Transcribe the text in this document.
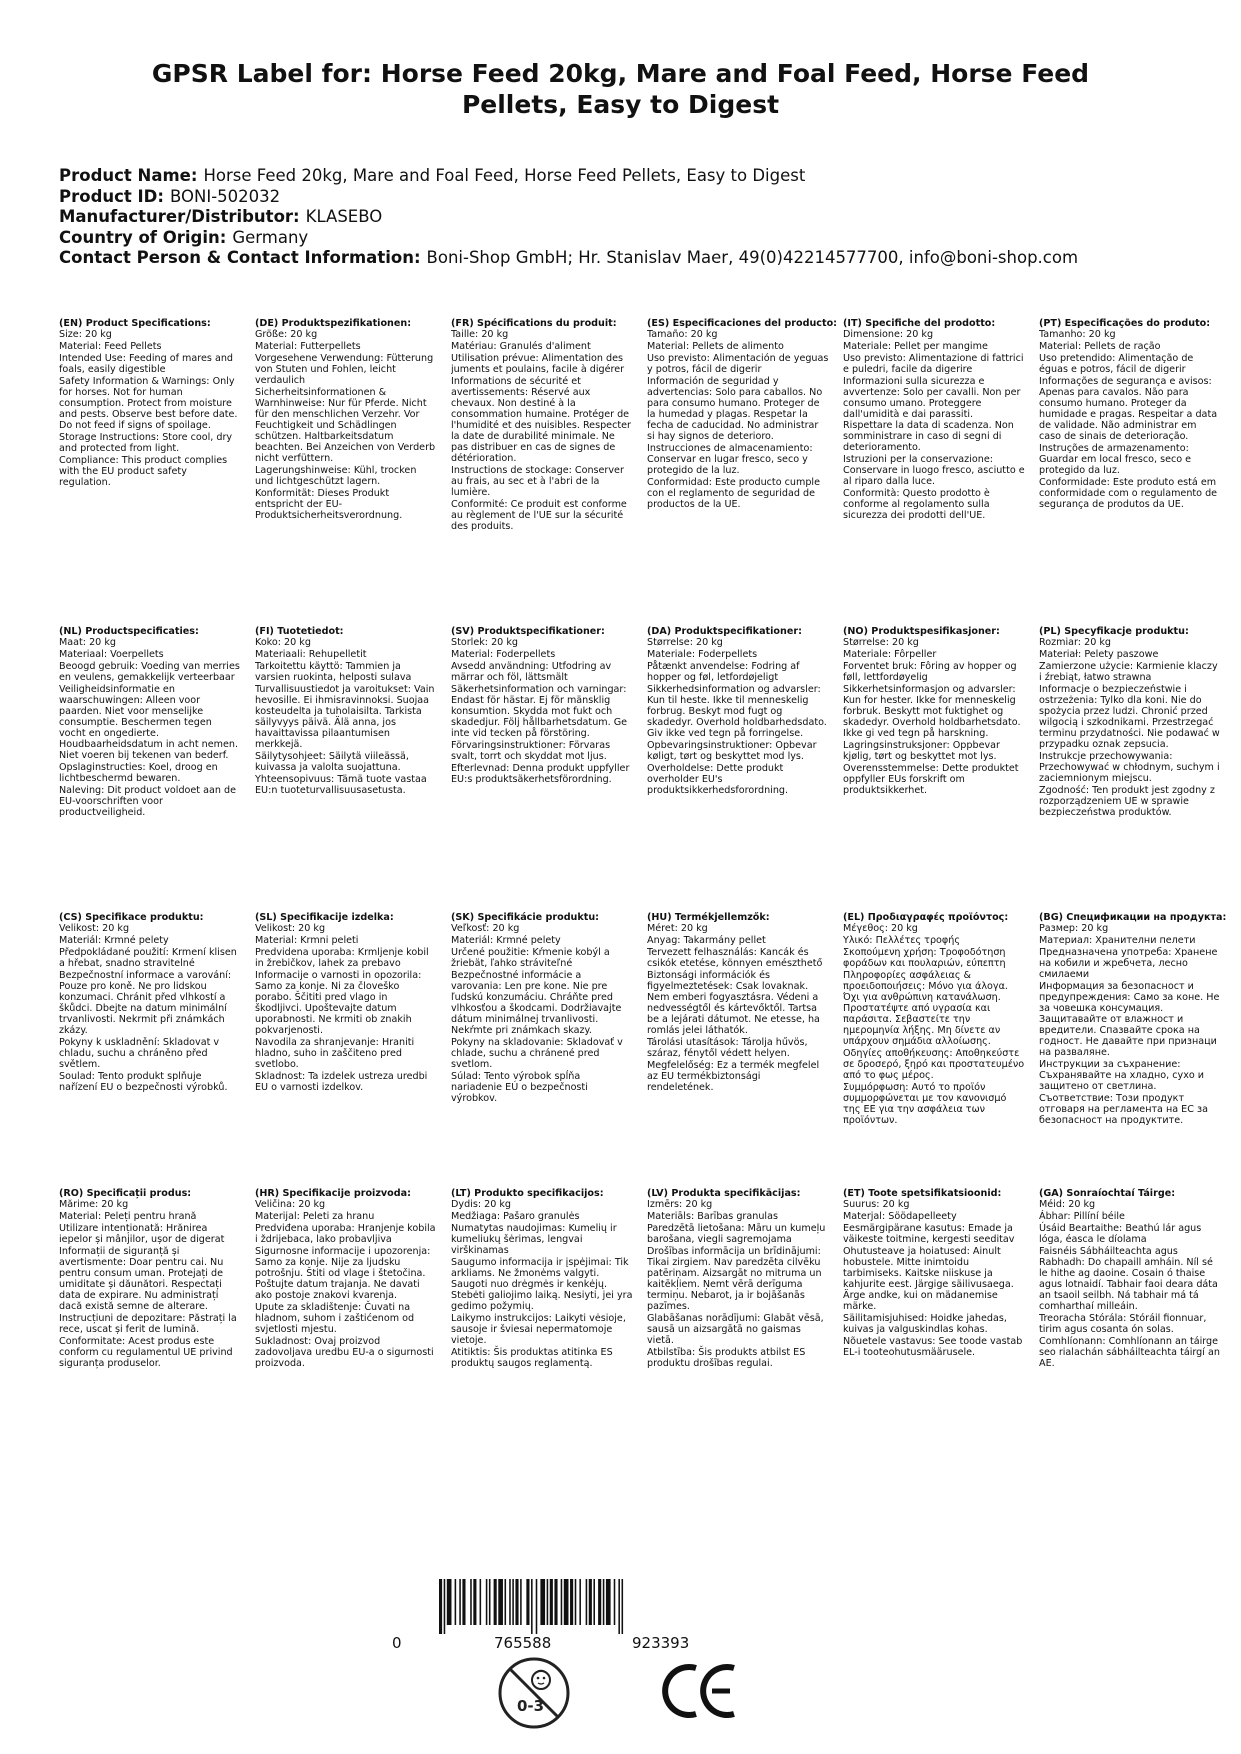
GPSR Label for: Horse Feed 20kg, Mare and Foal Feed, Horse Feed Pellets, Easy to Digest
Product Name: Horse Feed 20kg, Mare and Foal Feed, Horse Feed Pellets, Easy to Digest
Product ID: BONI-502032
Manufacturer/Distributor: KLASEBO
Country of Origin: Germany
Contact Person & Contact Information: Boni-Shop GmbH; Hr. Stanislav Maer, 49(0)42214577700, info@boni-shop.com
(EN) Product Specifications:
Size: 20 kg
Material: Feed Pellets
Intended Use: Feeding of mares and foals, easily digestible
Safety Information & Warnings: Only for horses. Not for human consumption. Protect from moisture and pests. Observe best before date. Do not feed if signs of spoilage.
Storage Instructions: Store cool, dry and protected from light.
Compliance: This product complies with the EU product safety regulation.
(DE) Produktspezifikationen:
Größe: 20 kg
Material: Futterpellets
Vorgesehene Verwendung: Fütterung von Stuten und Fohlen, leicht verdaulich
Sicherheitsinformationen & Warnhinweise: Nur für Pferde. Nicht für den menschlichen Verzehr. Vor Feuchtigkeit und Schädlingen schützen. Haltbarkeitsdatum beachten. Bei Anzeichen von Verderb nicht verfüttern.
Lagerungshinweise: Kühl, trocken und lichtgeschützt lagern.
Konformität: Dieses Produkt entspricht der EU-Produktsicherheitsverordnung.
(FR) Spécifications du produit:
Taille: 20 kg
Matériau: Granulés d'aliment
Utilisation prévue: Alimentation des juments et poulains, facile à digérer
Informations de sécurité et avertissements: Réservé aux chevaux. Non destiné à la consommation humaine. Protéger de l'humidité et des nuisibles. Respecter la date de durabilité minimale. Ne pas distribuer en cas de signes de détérioration.
Instructions de stockage: Conserver au frais, au sec et à l'abri de la lumière.
Conformité: Ce produit est conforme au règlement de l'UE sur la sécurité des produits.
(ES) Especificaciones del producto:
Tamaño: 20 kg
Material: Pellets de alimento
Uso previsto: Alimentación de yeguas y potros, fácil de digerir
Información de seguridad y advertencias: Solo para caballos. No para consumo humano. Proteger de la humedad y plagas. Respetar la fecha de caducidad. No administrar si hay signos de deterioro.
Instrucciones de almacenamiento: Conservar en lugar fresco, seco y protegido de la luz.
Conformidad: Este producto cumple con el reglamento de seguridad de productos de la UE.
(IT) Specifiche del prodotto:
Dimensione: 20 kg
Materiale: Pellet per mangime
Uso previsto: Alimentazione di fattrici e puledri, facile da digerire
Informazioni sulla sicurezza e avvertenze: Solo per cavalli. Non per consumo umano. Proteggere dall'umidità e dai parassiti. Rispettare la data di scadenza. Non somministrare in caso di segni di deterioramento.
Istruzioni per la conservazione: Conservare in luogo fresco, asciutto e al riparo dalla luce.
Conformità: Questo prodotto è conforme al regolamento sulla sicurezza dei prodotti dell'UE.
(PT) Especificações do produto:
Tamanho: 20 kg
Material: Pellets de ração
Uso pretendido: Alimentação de éguas e potros, fácil de digerir
Informações de segurança e avisos: Apenas para cavalos. Não para consumo humano. Proteger da humidade e pragas. Respeitar a data de validade. Não administrar em caso de sinais de deterioração.
Instruções de armazenamento: Guardar em local fresco, seco e protegido da luz.
Conformidade: Este produto está em conformidade com o regulamento de segurança de produtos da UE.
(NL) Productspecificaties:
Maat: 20 kg
Materiaal: Voerpellets
Beoogd gebruik: Voeding van merries en veulens, gemakkelijk verteerbaar
Veiligheidsinformatie en waarschuwingen: Alleen voor paarden. Niet voor menselijke consumptie. Beschermen tegen vocht en ongedierte. Houdbaarheidsdatum in acht nemen. Niet voeren bij tekenen van bederf.
Opslaginstructies: Koel, droog en lichtbeschermd bewaren.
Naleving: Dit product voldoet aan de EU-voorschriften voor productveiligheid.
(FI) Tuotetiedot:
Koko: 20 kg
Materiaali: Rehupelletit
Tarkoitettu käyttö: Tammien ja varsien ruokinta, helposti sulava
Turvallisuustiedot ja varoitukset: Vain hevosille. Ei ihmisravinnoksi. Suojaa kosteudelta ja tuholaisilta. Tarkista säilyvyys päivä. Älä anna, jos havaittavissa pilaantumisen merkkejä.
Säilytysohjeet: Säilytä viileässä, kuivassa ja valolta suojattuna.
Yhteensopivuus: Tämä tuote vastaa EU:n tuoteturvallisuusasetusta.
(SV) Produktspecifikationer:
Storlek: 20 kg
Material: Foderpellets
Avsedd användning: Utfodring av märrar och föl, lättsmält
Säkerhetsinformation och varningar: Endast för hästar. Ej för mänsklig konsumtion. Skydda mot fukt och skadedjur. Följ hållbarhetsdatum. Ge inte vid tecken på förstöring.
Förvaringsinstruktioner: Förvaras svalt, torrt och skyddat mot ljus.
Efterlevnad: Denna produkt uppfyller EU:s produktsäkerhetsförordning.
(DA) Produktspecifikationer:
Størrelse: 20 kg
Materiale: Foderpellets
Påtænkt anvendelse: Fodring af hopper og føl, letfordøjeligt
Sikkerhedsinformation og advarsler: Kun til heste. Ikke til menneskelig forbrug. Beskyt mod fugt og skadedyr. Overhold holdbarhedsdato. Giv ikke ved tegn på forringelse.
Opbevaringsinstruktioner: Opbevar køligt, tørt og beskyttet mod lys.
Overholdelse: Dette produkt overholder EU's produktsikkerhedsforordning.
(NO) Produktspesifikasjoner:
Størrelse: 20 kg
Materiale: Fôrpeller
Forventet bruk: Fôring av hopper og føll, lettfordøyelig
Sikkerhetsinformasjon og advarsler: Kun for hester. Ikke for menneskelig forbruk. Beskytt mot fuktighet og skadedyr. Overhold holdbarhetsdato. Ikke gi ved tegn på harskning.
Lagringsinstruksjoner: Oppbevar kjølig, tørt og beskyttet mot lys.
Overensstemmelse: Dette produktet oppfyller EUs forskrift om produktsikkerhet.
(PL) Specyfikacje produktu:
Rozmiar: 20 kg
Materiał: Pelety paszowe
Zamierzone użycie: Karmienie klaczy i źrebiąt, łatwo strawna
Informacje o bezpieczeństwie i ostrzeżenia: Tylko dla koni. Nie do spożycia przez ludzi. Chronić przed wilgocią i szkodnikami. Przestrzegać terminu przydatności. Nie podawać w przypadku oznak zepsucia.
Instrukcje przechowywania: Przechowywać w chłodnym, suchym i zaciemnionym miejscu.
Zgodność: Ten produkt jest zgodny z rozporządzeniem UE w sprawie bezpieczeństwa produktów.
(CS) Specifikace produktu:
Velikost: 20 kg
Materiál: Krmné pelety
Předpokládané použití: Krmení klisen a hřebat, snadno stravitelné
Bezpečnostní informace a varování: Pouze pro koně. Ne pro lidskou konzumaci. Chránit před vlhkostí a škůdci. Dbejte na datum minimální trvanlivosti. Nekrmit při známkách zkázy.
Pokyny k uskladnění: Skladovat v chladu, suchu a chráněno před světlem.
Soulad: Tento produkt splňuje nařízení EU o bezpečnosti výrobků.
(SL) Specifikacije izdelka:
Velikost: 20 kg
Material: Krmni peleti
Predvidena uporaba: Krmljenje kobil in žrebičkov, lahek za prebavo
Informacije o varnosti in opozorila: Samo za konje. Ni za človeško porabo. Ščititi pred vlago in škodljivci. Upoštevajte datum uporabnosti. Ne krmiti ob znakih pokvarjenosti.
Navodila za shranjevanje: Hraniti hladno, suho in zaščiteno pred svetlobo.
Skladnost: Ta izdelek ustreza uredbi EU o varnosti izdelkov.
(SK) Špecifikácie produktu:
Veľkosť: 20 kg
Materiál: Krmné pelety
Určené použitie: Kŕmenie kobýl a žriebät, ľahko stráviteľné
Bezpečnostné informácie a varovania: Len pre kone. Nie pre ľudskú konzumáciu. Chráňte pred vlhkosťou a škodcami. Dodržiavajte dátum minimálnej trvanlivosti. Nekŕmte pri známkach skazy.
Pokyny na skladovanie: Skladovať v chlade, suchu a chránené pred svetlom.
Súlad: Tento výrobok spĺňa nariadenie EÚ o bezpečnosti výrobkov.
(HU) Termékjellemzők:
Méret: 20 kg
Anyag: Takarmány pellet
Tervezett felhasználás: Kancák és csikók etetése, könnyen emészthető
Biztonsági információk és figyelmeztetések: Csak lovaknak. Nem emberi fogyasztásra. Védeni a nedvességtől és kártevőktől. Tartsa be a lejárati dátumot. Ne etesse, ha romlás jelei láthatók.
Tárolási utasítások: Tárolja hűvös, száraz, fénytől védett helyen.
Megfelelőség: Ez a termék megfelel az EU termékbiztonsági rendeletének.
(EL) Προδιαγραφές προϊόντος:
Μέγεθος: 20 kg
Υλικό: Πελλέτες τροφής
Σκοπούμενη χρήση: Τροφοδότηση φοράδων και πουλαριών, εύπεπτη
Πληροφορίες ασφάλειας & προειδοποιήσεις: Μόνο για άλογα. Όχι για ανθρώπινη κατανάλωση. Προστατέψτε από υγρασία και παράσιτα. Σεβαστείτε την ημερομηνία λήξης. Μη δίνετε αν υπάρχουν σημάδια αλλοίωσης.
Οδηγίες αποθήκευσης: Αποθηκεύστε σε δροσερό, ξηρό και προστατευμένο από το φως μέρος.
Συμμόρφωση: Αυτό το προϊόν συμμορφώνεται με τον κανονισμό της ΕΕ για την ασφάλεια των προϊόντων.
(BG) Спецификации на продукта:
Размер: 20 kg
Материал: Хранителни пелети
Предназначена употреба: Хранене на кобили и жребчета, лесно смилаеми
Информация за безопасност и предупреждения: Само за коне. Не за човешка консумация. Защитавайте от влажност и вредители. Спазвайте срока на годност. Не давайте при признаци на разваляне.
Инструкции за съхранение: Съхранявайте на хладно, сухо и защитено от светлина.
Съответствие: Този продукт отговаря на регламента на ЕС за безопасност на продуктите.
(RO) Specificații produs:
Mărime: 20 kg
Material: Peleți pentru hrană
Utilizare intenționată: Hrănirea iepelor și mânjilor, ușor de digerat
Informații de siguranță și avertismente: Doar pentru cai. Nu pentru consum uman. Protejați de umiditate și dăunători. Respectați data de expirare. Nu administrați dacă există semne de alterare.
Instrucțiuni de depozitare: Păstrați la rece, uscat și ferit de lumină.
Conformitate: Acest produs este conform cu regulamentul UE privind siguranța produselor.
(HR) Specifikacije proizvoda:
Veličina: 20 kg
Materijal: Peleti za hranu
Predviđena uporaba: Hranjenje kobila i ždrijebaca, lako probavljiva
Sigurnosne informacije i upozorenja: Samo za konje. Nije za ljudsku potrošnju. Štiti od vlage i štetočina. Poštujte datum trajanja. Ne davati ako postoje znakovi kvarenja.
Upute za skladištenje: Čuvati na hladnom, suhom i zaštićenom od svjetlosti mjestu.
Sukladnost: Ovaj proizvod zadovoljava uredbu EU-a o sigurnosti proizvoda.
(LT) Produkto specifikacijos:
Dydis: 20 kg
Medžiaga: Pašaro granulės
Numatytas naudojimas: Kumelių ir kumeliukų šėrimas, lengvai virškinamas
Saugumo informacija ir įspėjimai: Tik arkliams. Ne žmonėms valgyti. Saugoti nuo drėgmės ir kenkėjų. Stebėti galiojimo laiką. Nesiyti, jei yra gedimo požymių.
Laikymo instrukcijos: Laikyti vėsioje, sausoje ir šviesai nepermatomoje vietoje.
Atitiktis: Šis produktas atitinka ES produktų saugos reglamentą.
(LV) Produkta specifikācijas:
Izmērs: 20 kg
Materiāls: Barības granulas
Paredzētā lietošana: Māru un kumeļu barošana, viegli sagremojama
Drošības informācija un brīdinājumi: Tikai zirgiem. Nav paredzēta cilvēku patēriņam. Aizsargāt no mitruma un kaitēkļiem. Ņemt vērā derīguma termiņu. Nebarot, ja ir bojāšanās pazīmes.
Glabāšanas norādījumi: Glabāt vēsā, sausā un aizsargātā no gaismas vietā.
Atbilstība: Šis produkts atbilst ES produktu drošības regulai.
(ET) Toote spetsifikatsioonid:
Suurus: 20 kg
Materjal: Söödapelleety
Eesmärgipärane kasutus: Emade ja väikeste toitmine, kergesti seeditav
Ohutusteave ja hoiatused: Ainult hobustele. Mitte inimtoidu tarbimiseks. Kaitske niiskuse ja kahjurite eest. Järgige säilivusaega. Ärge andke, kui on mädanemise märke.
Säilitamisjuhised: Hoidke jahedas, kuivas ja valguskindlas kohas.
Nõuetele vastavus: See toode vastab EL-i tooteohutusmäärusele.
(GA) Sonraíochtaí Táirge:
Méid: 20 kg
Ábhar: Pillíní béile
Úsáid Beartaithe: Beathú lár agus lóga, éasca le díolama
Faisnéis Sábháilteachta agus Rabhadh: Do chapaill amháin. Níl sé le hithe ag daoine. Cosain ó thaise agus lotnaidí. Tabhair faoi deara dáta an tsaoil seilbh. Ná tabhair má tá comharthaí milleáin.
Treoracha Stórála: Stóráil fionnuar, tirim agus cosanta ón solas.
Comhlíonann: Comhlíonann an táirge seo rialachán sábháilteachta táirgí an AE.
0	765588	923393
0-3
